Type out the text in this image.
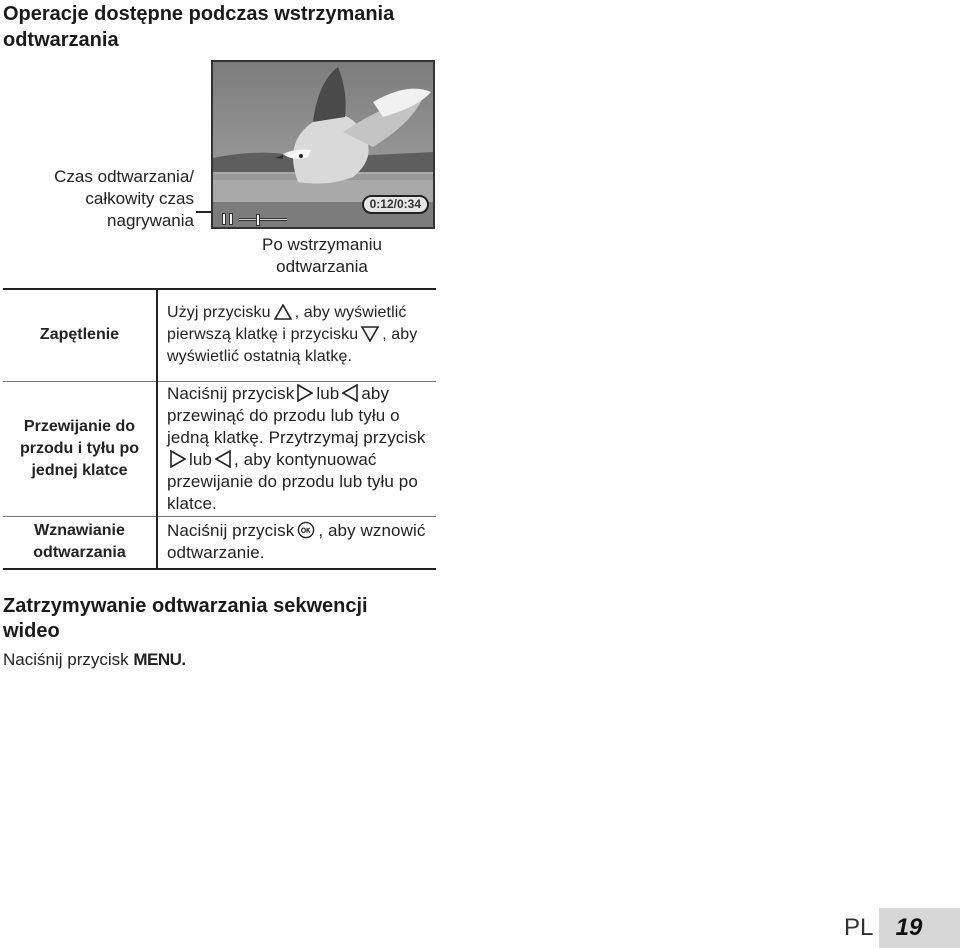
Operacje dostępne podczas wstrzymania odtwarzania
Czas odtwarzania/
całkowity czas
nagrywania
0:12/0:34
Po wstrzymaniu
odtwarzania
Zapętlenie	Użyj przycisku , aby wyświetlić pierwszą klatkę i przycisku , aby wyświetlić ostatnią klatkę.
Przewijanie do przodu i tyłu po jednej klatce	Naciśnij przycisk lub aby przewinąć do przodu lub tyłu o jedną klatkę. Przytrzymaj przycisklub , aby kontynuować przewijanie do przodu lub tyłu po klatce.
Wznawianie odtwarzania	Naciśnij przycisk , aby wznowić odtwarzanie.
Zatrzymywanie odtwarzania sekwencji wideo
Naciśnij przycisk MENU.
PL 19
